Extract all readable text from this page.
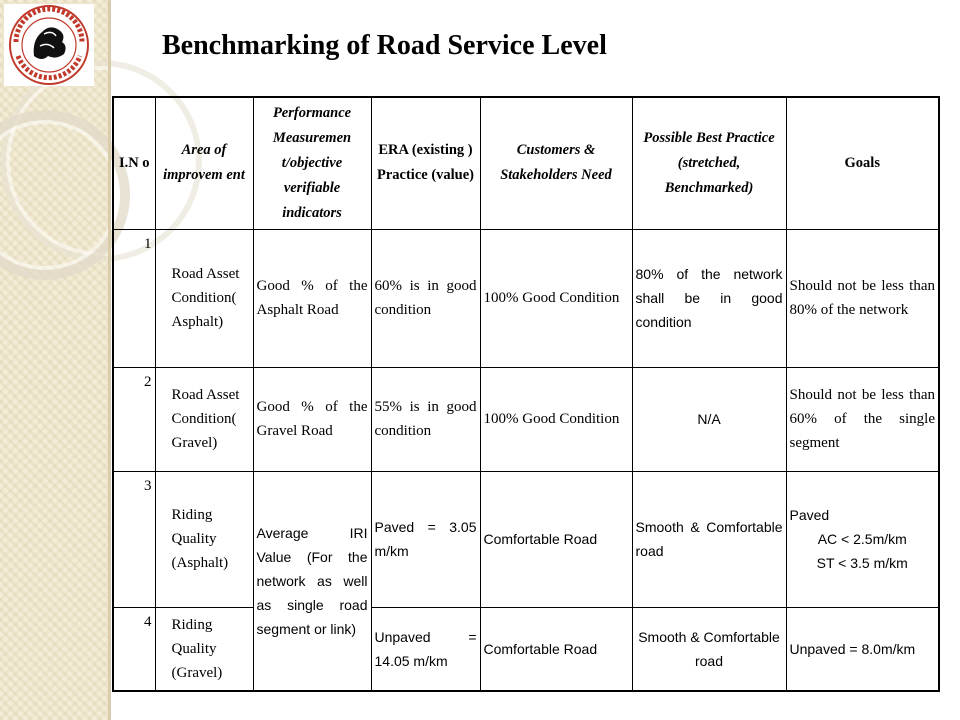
Benchmarking of Road Service Level
I.N o	Area of improvem ent	Performance Measuremen t/objective verifiable indicators	ERA (existing ) Practice (value)	Customers & Stakeholders Need	Possible Best Practice (stretched, Benchmarked)	Goals
1	Road Asset Condition( Asphalt)	Good % of the Asphalt Road	60% is in good condition	100% Good Condition	80% of the network shall be in good condition	Should not be less than 80% of the network
2	Road Asset Condition( Gravel)	Good % of the Gravel Road	55% is in good condition	100% Good Condition	N/A	Should not be less than 60% of the single segment
3	Riding Quality (Asphalt)	Average IRI Value (For the network as well as single road segment or link)	Paved = 3.05 m/km	Comfortable Road	Smooth & Comfortable road	Paved
AC < 2.5m/km
ST < 3.5 m/km

4	Riding Quality (Gravel)		Unpaved = 14.05 m/km	Comfortable Road	Smooth & Comfortable road	Unpaved = 8.0m/km
